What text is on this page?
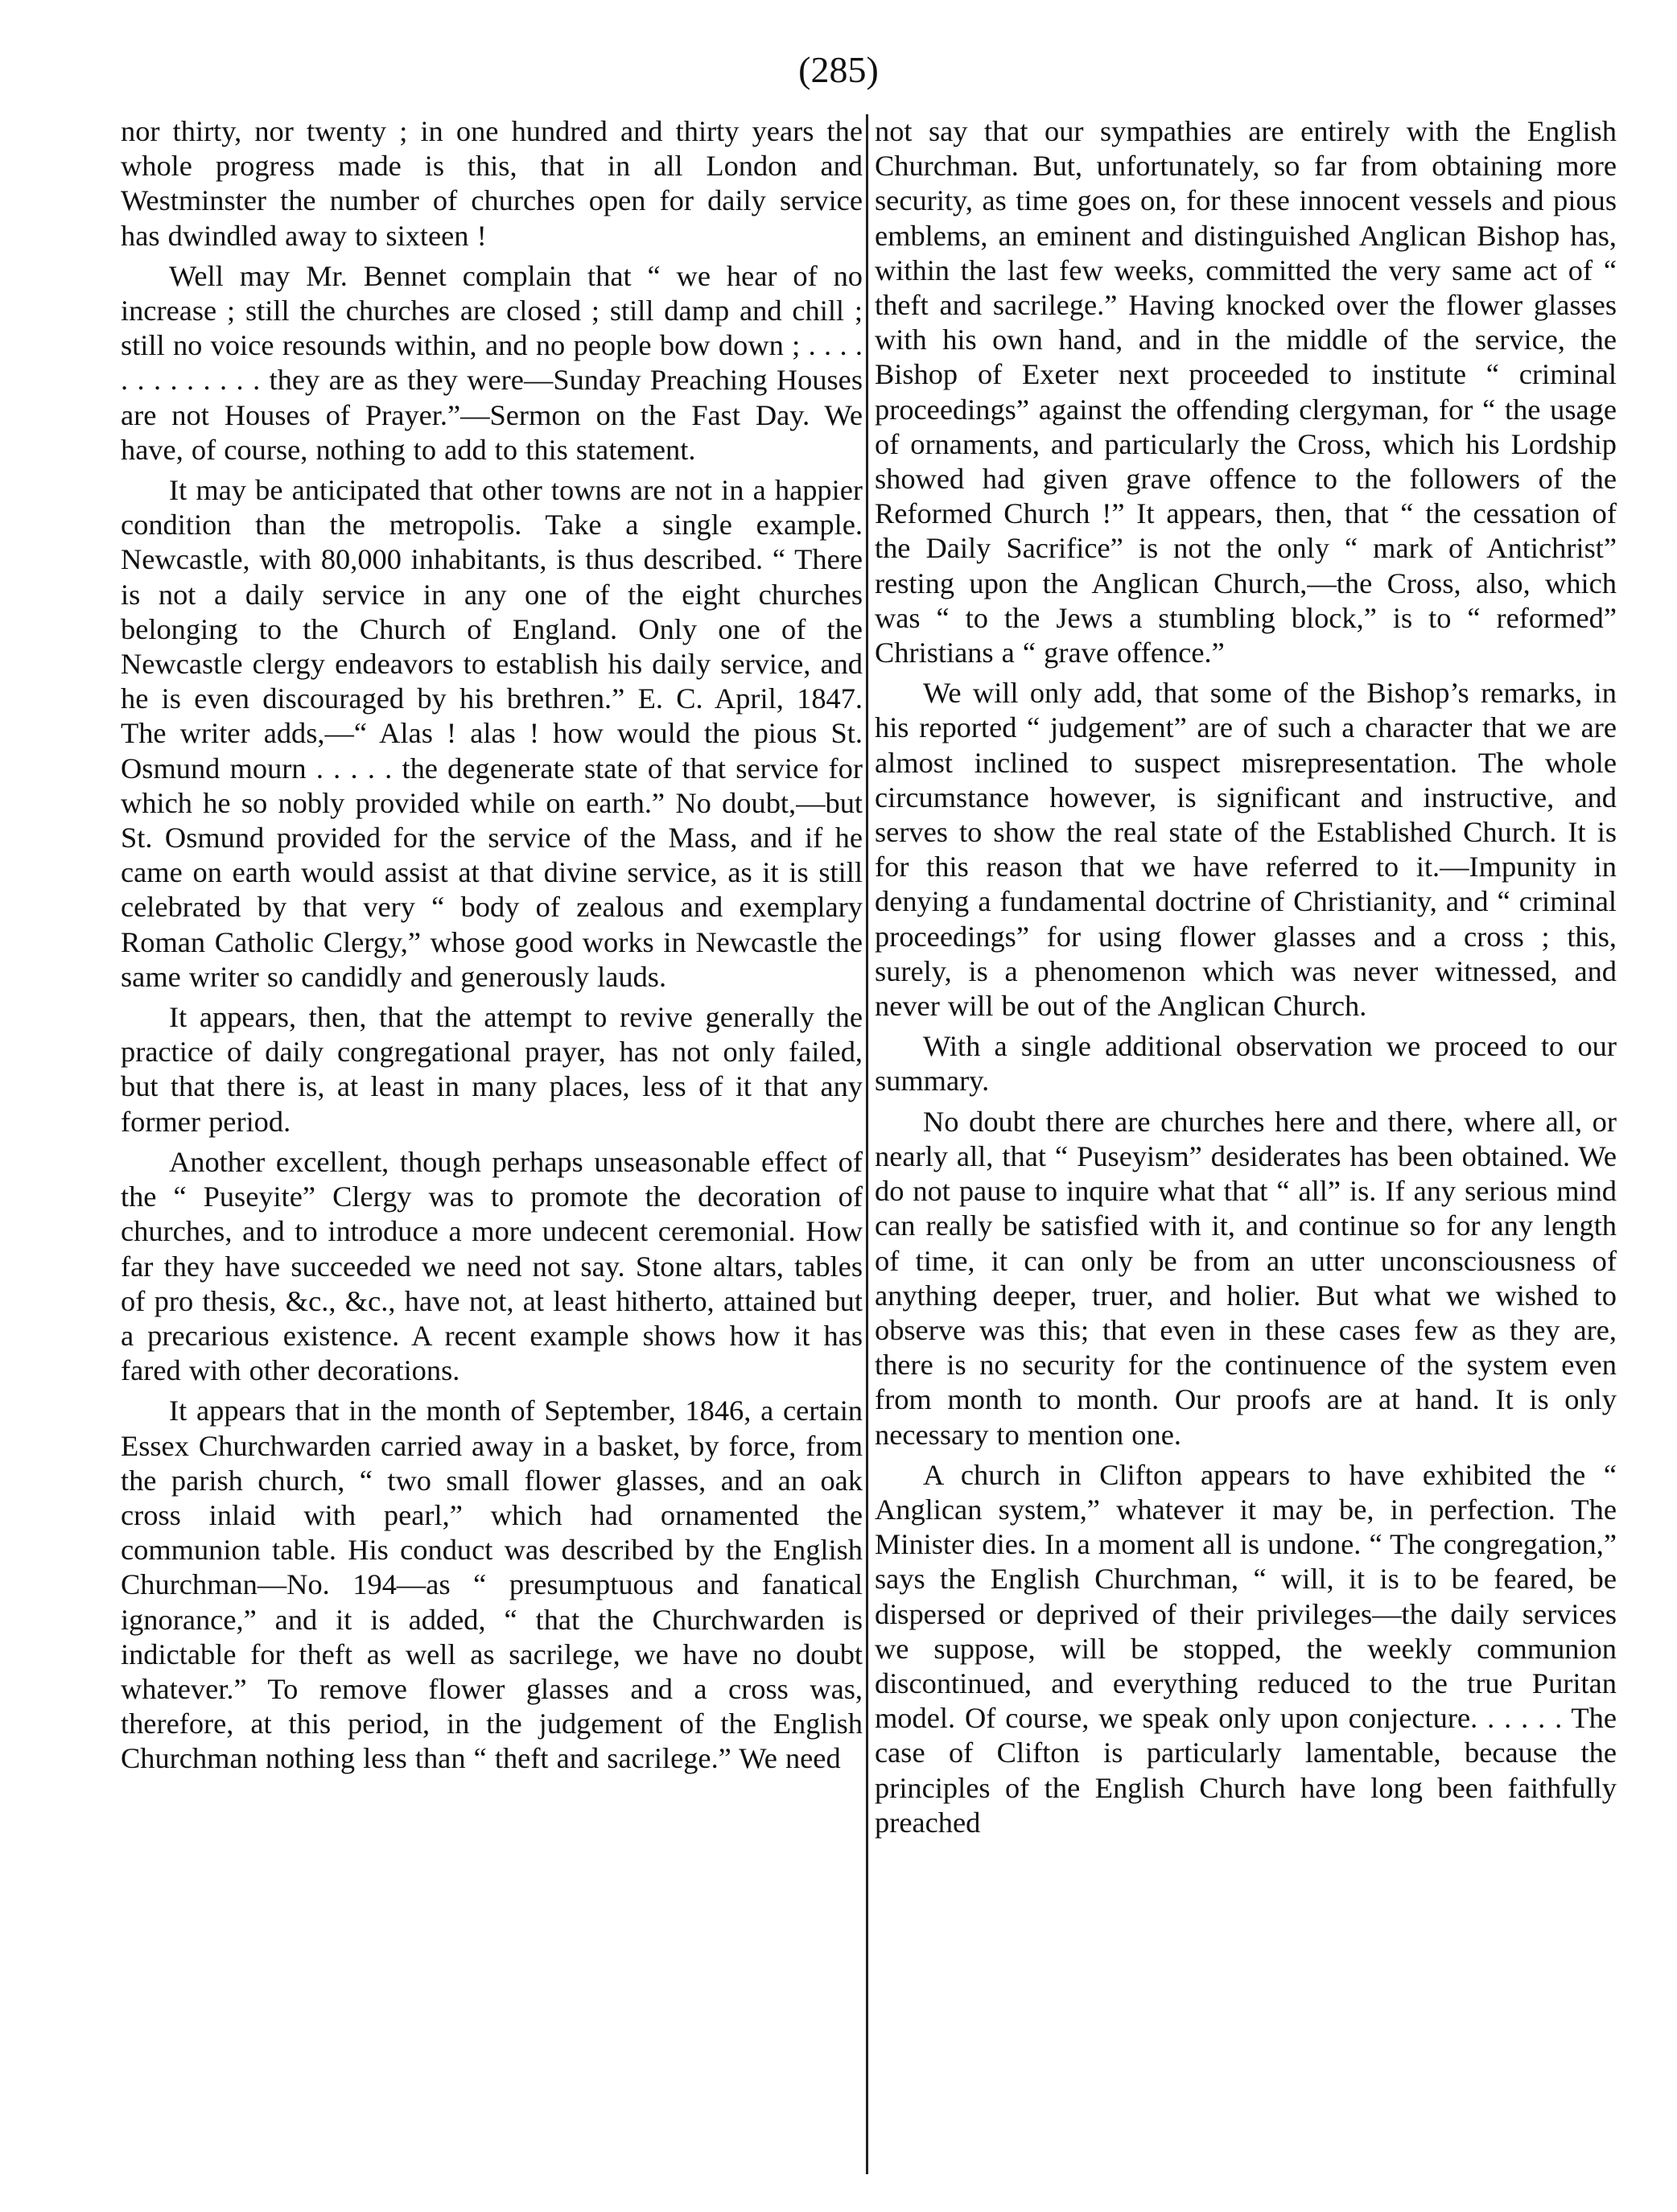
(285)

nor thirty, nor twenty ; in one hundred and thirty years the whole progress made is this, that in all London and Westminster the number of churches open for daily service has dwindled away to sixteen !

Well may Mr. Bennet complain that “ we hear of no increase ; still the churches are closed ; still damp and chill ; still no voice resounds within, and no people bow down ; . . . . . . . . . . . . . they are as they were—Sunday Preaching Houses are not Houses of Prayer.”—Sermon on the Fast Day. We have, of course, nothing to add to this statement.

It may be anticipated that other towns are not in a happier condition than the metropolis. Take a single example. Newcastle, with 80,000 inhabitants, is thus described. “ There is not a daily service in any one of the eight churches belonging to the Church of England. Only one of the Newcastle clergy endeavors to establish his daily service, and he is even discouraged by his brethren.” E. C. April, 1847. The writer adds,—“ Alas ! alas ! how would the pious St. Osmund mourn . . . . . the degenerate state of that service for which he so nobly provided while on earth.” No doubt,—but St. Osmund provided for the service of the Mass, and if he came on earth would assist at that divine service, as it is still celebrated by that very “ body of zealous and exemplary Roman Catholic Clergy,” whose good works in Newcastle the same writer so candidly and generously lauds.

It appears, then, that the attempt to revive generally the practice of daily congregational prayer, has not only failed, but that there is, at least in many places, less of it that any former period.

Another excellent, though perhaps unseasonable effect of the “ Puseyite” Clergy was to promote the decoration of churches, and to introduce a more undecent ceremonial. How far they have succeeded we need not say. Stone altars, tables of pro thesis, &c., &c., have not, at least hitherto, attained but a precarious existence. A recent example shows how it has fared with other decorations.

It appears that in the month of September, 1846, a certain Essex Churchwarden carried away in a basket, by force, from the parish church, “ two small flower glasses, and an oak cross inlaid with pearl,” which had ornamented the communion table. His conduct was described by the English Churchman—No. 194—as “ presumptuous and fanatical ignorance,” and it is added, “ that the Churchwarden is indictable for theft as well as sacrilege, we have no doubt whatever.” To remove flower glasses and a cross was, therefore, at this period, in the judgement of the English Churchman nothing less than “ theft and sacrilege.” We need

not say that our sympathies are entirely with the English Churchman. But, unfortunately, so far from obtaining more security, as time goes on, for these innocent vessels and pious emblems, an eminent and distinguished Anglican Bishop has, within the last few weeks, committed the very same act of “ theft and sacrilege.” Having knocked over the flower glasses with his own hand, and in the middle of the service, the Bishop of Exeter next proceeded to institute “ criminal proceedings” against the offending clergyman, for “ the usage of ornaments, and particularly the Cross, which his Lordship showed had given grave offence to the followers of the Reformed Church !” It appears, then, that “ the cessation of the Daily Sacrifice” is not the only “ mark of Antichrist” resting upon the Anglican Church,—the Cross, also, which was “ to the Jews a stumbling block,” is to “ reformed” Christians a “ grave offence.”

We will only add, that some of the Bishop’s remarks, in his reported “ judgement” are of such a character that we are almost inclined to suspect misrepresentation. The whole circumstance however, is significant and instructive, and serves to show the real state of the Established Church. It is for this reason that we have referred to it.—Impunity in denying a fundamental doctrine of Christianity, and “ criminal proceedings” for using flower glasses and a cross ; this, surely, is a phenomenon which was never witnessed, and never will be out of the Anglican Church.

With a single additional observation we proceed to our summary.

No doubt there are churches here and there, where all, or nearly all, that “ Puseyism” desiderates has been obtained. We do not pause to inquire what that “ all” is. If any serious mind can really be satisfied with it, and continue so for any length of time, it can only be from an utter unconsciousness of anything deeper, truer, and holier. But what we wished to observe was this; that even in these cases few as they are, there is no security for the continuence of the system even from month to month. Our proofs are at hand. It is only necessary to mention one.

A church in Clifton appears to have exhibited the “ Anglican system,” whatever it may be, in perfection. The Minister dies. In a moment all is undone. “ The congregation,” says the English Churchman, “ will, it is to be feared, be dispersed or deprived of their privileges—the daily services we suppose, will be stopped, the weekly communion discontinued, and everything reduced to the true Puritan model. Of course, we speak only upon conjecture. . . . . . The case of Clifton is particularly lamentable, because the principles of the English Church have long been faithfully preached
